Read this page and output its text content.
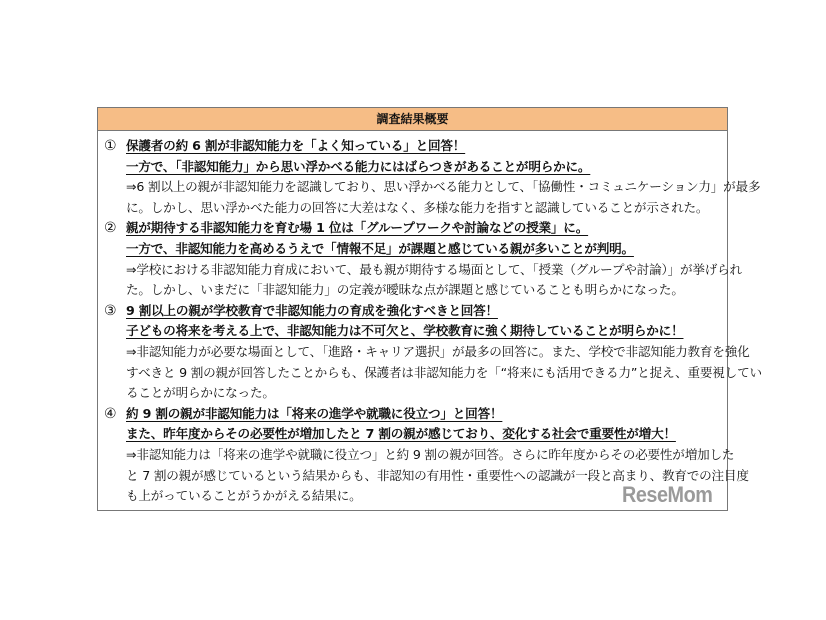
調査結果概要
① 保護者の約 6 割が非認知能力を「よく知っている」と回答！
一方で、「非認知能力」から思い浮かべる能力にはばらつきがあることが明らかに。
⇒6 割以上の親が非認知能力を認識しており、思い浮かべる能力として、「協働性・コミュニケーション力」が最多
に。しかし、思い浮かべた能力の回答に大差はなく、多様な能力を指すと認識していることが示された。
② 親が期待する非認知能力を育む場 1 位は「グループワークや討論などの授業」に。
一方で、非認知能力を高めるうえで「情報不足」が課題と感じている親が多いことが判明。
⇒学校における非認知能力育成において、最も親が期待する場面として、「授業（グループや討論）」が挙げられ
た。しかし、いまだに「非認知能力」の定義が曖昧な点が課題と感じていることも明らかになった。
③ 9 割以上の親が学校教育で非認知能力の育成を強化すべきと回答！
子どもの将来を考える上で、非認知能力は不可欠と、学校教育に強く期待していることが明らかに！
⇒非認知能力が必要な場面として、「進路・キャリア選択」が最多の回答に。また、学校で非認知能力教育を強化
すべきと 9 割の親が回答したことからも、保護者は非認知能力を「“将来にも活用できる力”と捉え、重要視してい
ることが明らかになった。
④ 約 9 割の親が非認知能力は「将来の進学や就職に役立つ」と回答！
また、昨年度からその必要性が増加したと 7 割の親が感じており、変化する社会で重要性が増大！
⇒非認知能力は「将来の進学や就職に役立つ」と約 9 割の親が回答。さらに昨年度からその必要性が増加した
と 7 割の親が感じているという結果からも、非認知の有用性・重要性への認識が一段と高まり、教育での注目度
も上がっていることがうかがえる結果に。	ReseMom
